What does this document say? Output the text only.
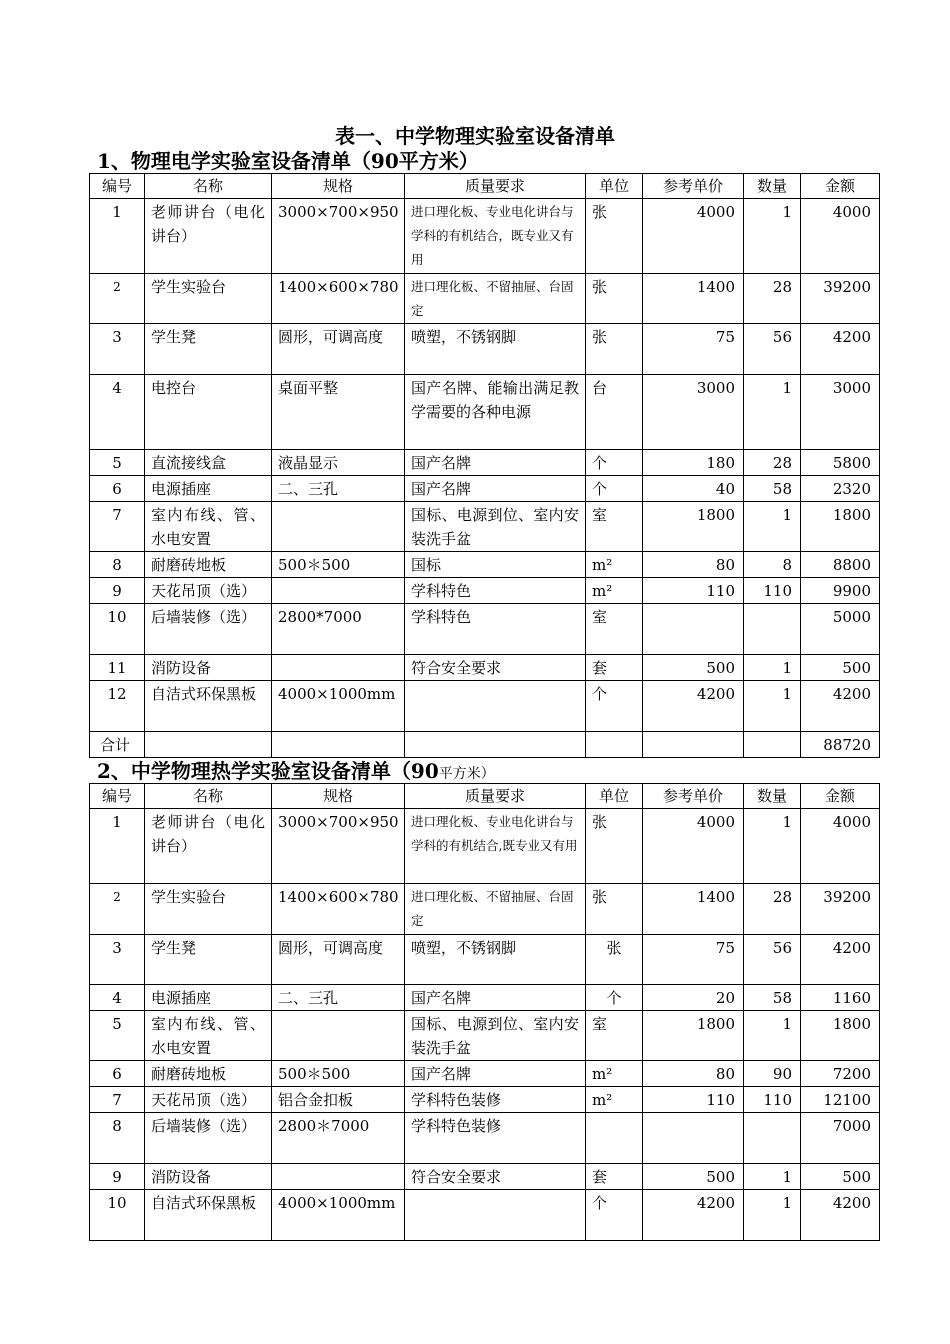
表一、中学物理实验室设备清单
1、物理电学实验室设备清单（90平方米）
编号	名称	规格	质量要求	单位	参考单价	数量	金额
1	老师讲台（电化讲台）	3000×700×950	进口理化板、专业电化讲台与学科的有机结合，既专业又有用	张	4000	1	4000
2	学生实验台	1400×600×780	进口理化板、不留抽屉、台固定	张	1400	28	39200
3	学生凳	圆形，可调高度	喷塑，不锈钢脚	张	75	56	4200
4	电控台	桌面平整	国产名牌、能输出满足教学需要的各种电源	台	3000	1	3000
5	直流接线盒	液晶显示	国产名牌	个	180	28	5800
6	电源插座	二、三孔	国产名牌	个	40	58	2320
7	室内布线、管、水电安置		国标、电源到位、室内安装洗手盆	室	1800	1	1800
8	耐磨砖地板	500＊500	国标	m²	80	8	8800
9	天花吊顶（选）		学科特色	m²	110	110	9900
10	后墙装修（选）	2800*7000	学科特色	室			5000
11	消防设备		符合安全要求	套	500	1	500
12	自洁式环保黑板	4000×1000mm		个	4200	1	4200
合计							88720
2、中学物理热学实验室设备清单（90平方米）
编号	名称	规格	质量要求	单位	参考单价	数量	金额
1	老师讲台（电化讲台）	3000×700×950	进口理化板、专业电化讲台与学科的有机结合,既专业又有用	张	4000	1	4000
2	学生实验台	1400×600×780	进口理化板、不留抽屉、台固定	张	1400	28	39200
3	学生凳	圆形，可调高度	喷塑，不锈钢脚	张	75	56	4200
4	电源插座	二、三孔	国产名牌	个	20	58	1160
5	室内布线、管、水电安置		国标、电源到位、室内安装洗手盆	室	1800	1	1800
6	耐磨砖地板	500＊500	国产名牌	m²	80	90	7200
7	天花吊顶（选）	铝合金扣板	学科特色装修	m²	110	110	12100
8	后墙装修（选）	2800＊7000	学科特色装修				7000
9	消防设备		符合安全要求	套	500	1	500
10	自洁式环保黑板	4000×1000mm		个	4200	1	4200
